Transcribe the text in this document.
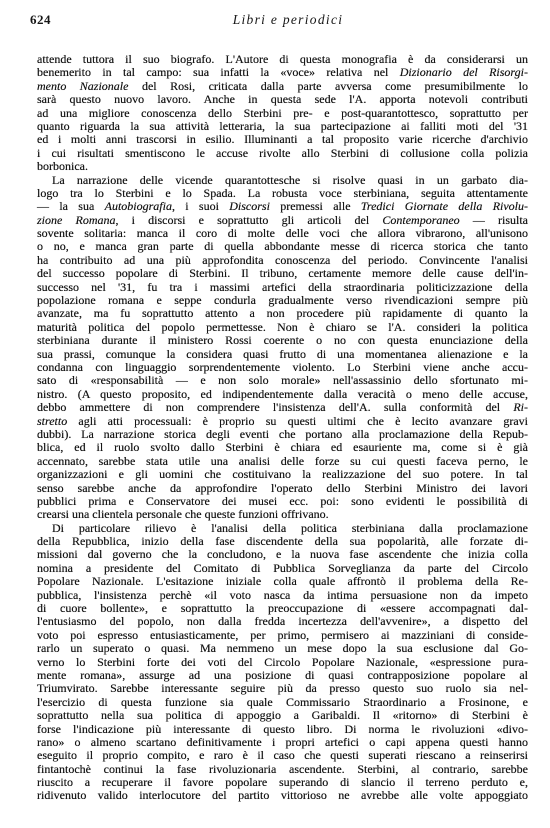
624	Libri e periodici
attende tuttora il suo biografo. L'Autore di questa monografia è da considerarsi un
benemerito in tal campo: sua infatti la «voce» relativa nel Dizionario del Risorgi-
mento Nazionale del Rosi, criticata dalla parte avversa come presumibilmente lo
sarà questo nuovo lavoro. Anche in questa sede l'A. apporta notevoli contributi
ad una migliore conoscenza dello Sterbini pre- e post-quarantottesco, soprattutto per
quanto riguarda la sua attività letteraria, la sua partecipazione ai falliti moti del '31
ed i molti anni trascorsi in esilio. Illuminanti a tal proposito varie ricerche d'archivio
i cui risultati smentiscono le accuse rivolte allo Sterbini di collusione colla polizia
borbonica.
La narrazione delle vicende quarantottesche si risolve quasi in un garbato dia-
logo tra lo Sterbini e lo Spada. La robusta voce sterbiniana, seguita attentamente
— la sua Autobiografia, i suoi Discorsi premessi alle Tredici Giornate della Rivolu-
zione Romana, i discorsi e soprattutto gli articoli del Contemporaneo — risulta
sovente solitaria: manca il coro di molte delle voci che allora vibrarono, all'unisono
o no, e manca gran parte di quella abbondante messe di ricerca storica che tanto
ha contribuito ad una più approfondita conoscenza del periodo. Convincente l'analisi
del successo popolare di Sterbini. Il tribuno, certamente memore delle cause dell'in-
successo nel '31, fu tra i massimi artefici della straordinaria politicizzazione della
popolazione romana e seppe condurla gradualmente verso rivendicazioni sempre più
avanzate, ma fu soprattutto attento a non procedere più rapidamente di quanto la
maturità politica del popolo permettesse. Non è chiaro se l'A. consideri la politica
sterbiniana durante il ministero Rossi coerente o no con questa enunciazione della
sua prassi, comunque la considera quasi frutto di una momentanea alienazione e la
condanna con linguaggio sorprendentemente violento. Lo Sterbini viene anche accu-
sato di «responsabilità — e non solo morale» nell'assassinio dello sfortunato mi-
nistro. (A questo proposito, ed indipendentemente dalla veracità o meno delle accuse,
debbo ammettere di non comprendere l'insistenza dell'A. sulla conformità del Ri-
stretto agli atti processuali: è proprio su questi ultimi che è lecito avanzare gravi
dubbi). La narrazione storica degli eventi che portano alla proclamazione della Repub-
blica, ed il ruolo svolto dallo Sterbini è chiara ed esauriente ma, come si è già
accennato, sarebbe stata utile una analisi delle forze su cui questi faceva perno, le
organizzazioni e gli uomini che costituivano la realizzazione del suo potere. In tal
senso sarebbe anche da approfondire l'operato dello Sterbini Ministro dei lavori
pubblici prima e Conservatore dei musei ecc. poi: sono evidenti le possibilità di
crearsi una clientela personale che queste funzioni offrivano.
Di particolare rilievo è l'analisi della politica sterbiniana dalla proclamazione
della Repubblica, inizio della fase discendente della sua popolarità, alle forzate di-
missioni dal governo che la concludono, e la nuova fase ascendente che inizia colla
nomina a presidente del Comitato di Pubblica Sorveglianza da parte del Circolo
Popolare Nazionale. L'esitazione iniziale colla quale affrontò il problema della Re-
pubblica, l'insistenza perchè «il voto nasca da intima persuasione non da impeto
di cuore bollente», e soprattutto la preoccupazione di «essere accompagnati dal-
l'entusiasmo del popolo, non dalla fredda incertezza dell'avvenire», a dispetto del
voto poi espresso entusiasticamente, per primo, permisero ai mazziniani di conside-
rarlo un superato o quasi. Ma nemmeno un mese dopo la sua esclusione dal Go-
verno lo Sterbini forte dei voti del Circolo Popolare Nazionale, «espressione pura-
mente romana», assurge ad una posizione di quasi contrapposizione popolare al
Triumvirato. Sarebbe interessante seguire più da presso questo suo ruolo sia nel-
l'esercizio di questa funzione sia quale Commissario Straordinario a Frosinone, e
soprattutto nella sua politica di appoggio a Garibaldi. Il «ritorno» di Sterbini è
forse l'indicazione più interessante di questo libro. Di norma le rivoluzioni «divo-
rano» o almeno scartano definitivamente i propri artefici o capi appena questi hanno
eseguito il proprio compito, e raro è il caso che questi superati riescano a reinserirsi
fintantochè continui la fase rivoluzionaria ascendente. Sterbini, al contrario, sarebbe
riuscito a recuperare il favore popolare superando di slancio il terreno perduto e,
ridivenuto valido interlocutore del partito vittorioso ne avrebbe alle volte appoggiato
